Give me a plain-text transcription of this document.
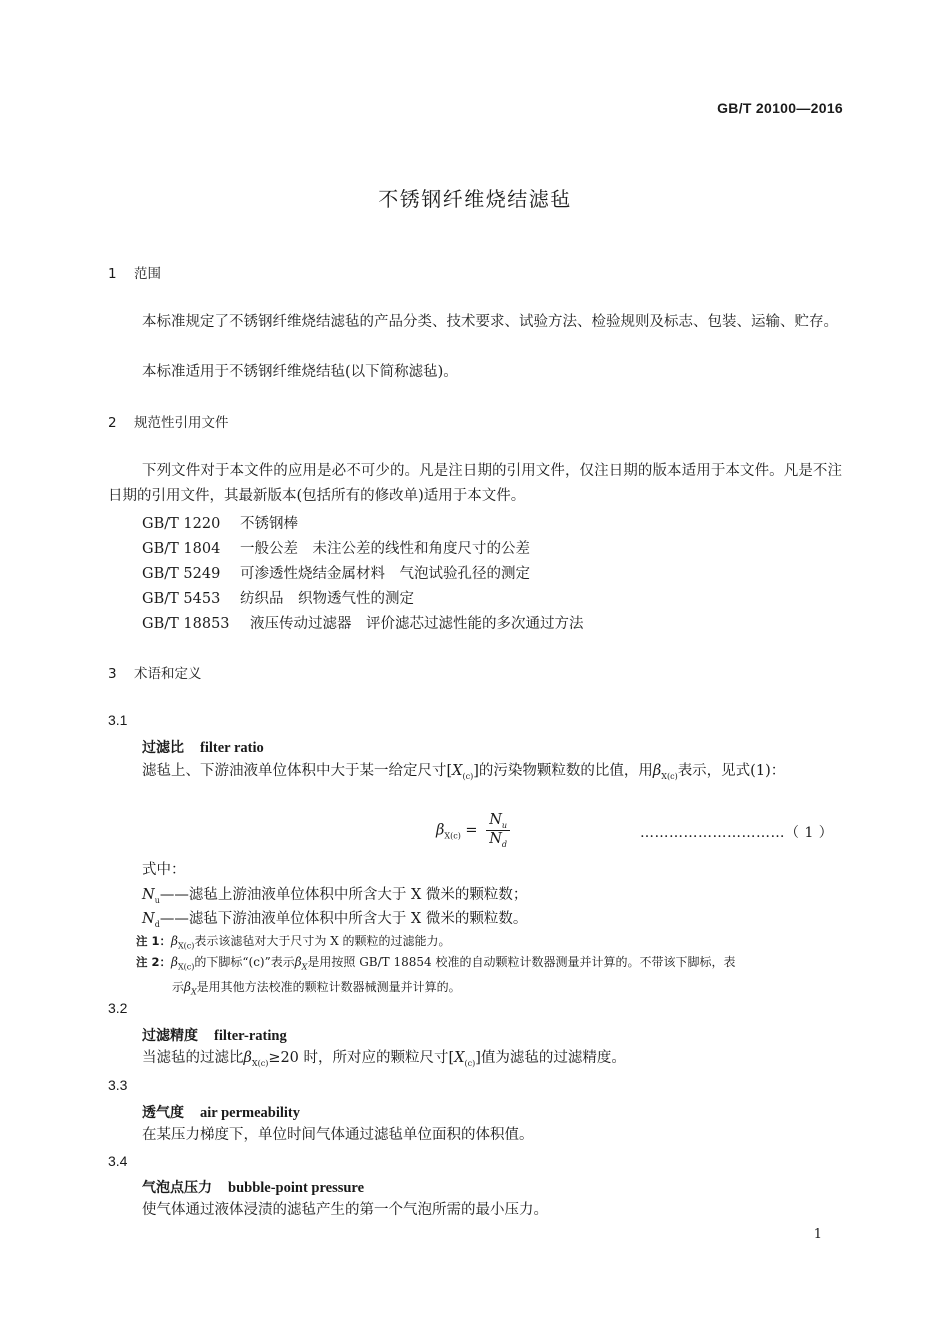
GB/T 20100—2016
不锈钢纤维烧结滤毡
1 范围
本标准规定了不锈钢纤维烧结滤毡的产品分类、技术要求、试验方法、检验规则及标志、包装、运输、贮存。
本标准适用于不锈钢纤维烧结毡(以下简称滤毡)。
2 规范性引用文件
下列文件对于本文件的应用是必不可少的。凡是注日期的引用文件，仅注日期的版本适用于本文件。凡是不注日期的引用文件，其最新版本(包括所有的修改单)适用于本文件。
GB/T 1220 不锈钢棒
GB/T 1804 一般公差　未注公差的线性和角度尺寸的公差
GB/T 5249 可渗透性烧结金属材料　气泡试验孔径的测定
GB/T 5453 纺织品　织物透气性的测定
GB/T 18853 液压传动过滤器　评价滤芯过滤性能的多次通过方法
3 术语和定义
3.1
过滤比 filter ratio
滤毡上、下游油液单位体积中大于某一给定尺寸$[X_{(c)}]$的污染物颗粒数的比值，用$\beta_{X(c)}$表示，见式(1)：
$\beta_{X(c)} = \frac{N_u}{N_d}$	…………………………（ 1 ）
式中：
$N_u——$滤毡上游油液单位体积中所含大于 X 微米的颗粒数；
$N_d——$滤毡下游油液单位体积中所含大于 X 微米的颗粒数。
注 1：$\beta_{X(c)}$表示该滤毡对大于尺寸为 X 的颗粒的过滤能力。
注 2：$\beta_{X(c)}$的下脚标“(c)”表示$\beta_X$是用按照 GB/T 18854 校准的自动颗粒计数器测量并计算的。不带该下脚标，表
示$\beta_X$是用其他方法校准的颗粒计数器械测量并计算的。
3.2
过滤精度 filter-rating
当滤毡的过滤比$\beta_{X(c)}\ge 20$ 时，所对应的颗粒尺寸$[X_{(c)}]$值为滤毡的过滤精度。
3.3
透气度 air permeability
在某压力梯度下，单位时间气体通过滤毡单位面积的体积值。
3.4
气泡点压力 bubble-point pressure
使气体通过液体浸渍的滤毡产生的第一个气泡所需的最小压力。
1
